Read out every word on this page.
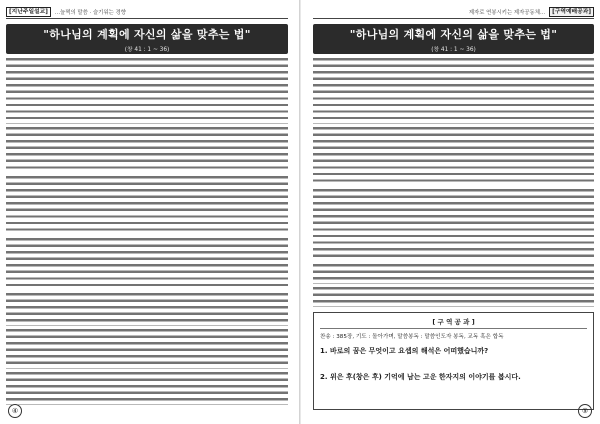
[지난주일설교]	...늘쩍의 말씀 · 슬기워는 경향
"하나님의 계획에 자신의 삶을 맞추는 법"
(창 41 : 1 ~ 36)

④
제자로 연봉시키는 제자공동체...	[구역예배공과]
"하나님의 계획에 자신의 삶을 맞추는 법"
(창 41 : 1 ~ 36)

[ 구 역 공 과 ]
찬송 : 385장, 기도 : 돌아가며, 말씀봉독 : 말씀인도자 봉독, 교독 혹은 합독

1. 바로의 꿈은 무엇이고 요셉의 해석은 어떠했습니까?

2. 위은 후(창은 후) 기억에 남는 고운 한자지의 이야기를 봅시다.

⑤
